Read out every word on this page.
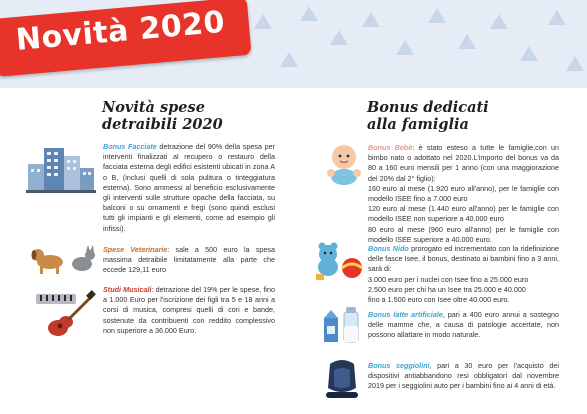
Novità 2020
Novità spese
detraibili 2020
Bonus Facciate detrazione del 90% della spesa per interventi finalizzati al recupero o restauro della facciata esterna degli edifici esistenti ubicati in zona A o B, (inclusi quelli di sola pulitura o tinteggiatura esterna). Sono ammessi al beneficio esclusivamente gli interventi sulle strutture opache della facciata, su balconi o su ornamenti e fregi (sono quindi esclusi tutti gli impianti e gli elementi, come ad esempio gli infissi).
Spese Veterinarie: sale a 500 euro la spesa massima detraibile limitatamente alla parte che eccede 129,11 euro
Studi Musicali: detrazione del 19% per le spese, fino a 1.000 Euro per l'iscrizione dei figli tra 5 e 18 anni a corsi di musica, compresi quelli di cori e bande, sostenute da contribuenti con reddito complessivo non superiore a 36.000 Euro.
Bonus dedicati
alla famiglia
Bonus Bebè: è stato esteso a tutte le famiglie,con un bimbo nato o adottato nel 2020.L'importo del bonus va da 80 a 160 euro mensili per 1 anno (con una maggiorazione del 20% dal 2° figlio):
160 euro al mese (1.920 euro all'anno), per le famiglie con modello ISEE fino a 7.000 euro
120 euro al mese (1.440 euro all'anno) per le famiglie con modello ISEE non superiore a 40.000 euro
80 euro al mese (960 euro all'anno) per le famiglie con modello ISEE superiore a 40.000 euro.
Bonus Nido prorogato ed incrementato con la ridefinizione delle fasce Isee, il bonus, destinato ai bambini fino a 3 anni, sarà di:
3.000 euro per i nuclei con Isee fino a 25.000 euro
2.500 euro per chi ha un Isee tra 25.000 e 40.000
fino a 1.500 euro con Isee oltre 40.000 euro.
Bonus latte artificiale, pari a 400 euro annui a sostegno delle mamme che, a causa di patologie accertate, non possono allattare in modo naturale.
Bonus seggiolini, pari a 30 euro per l'acquisto dei dispositivi antiabbandono resi obbligatori dal novembre 2019 per i seggiolini auto per i bambini fino ai 4 anni di età.
